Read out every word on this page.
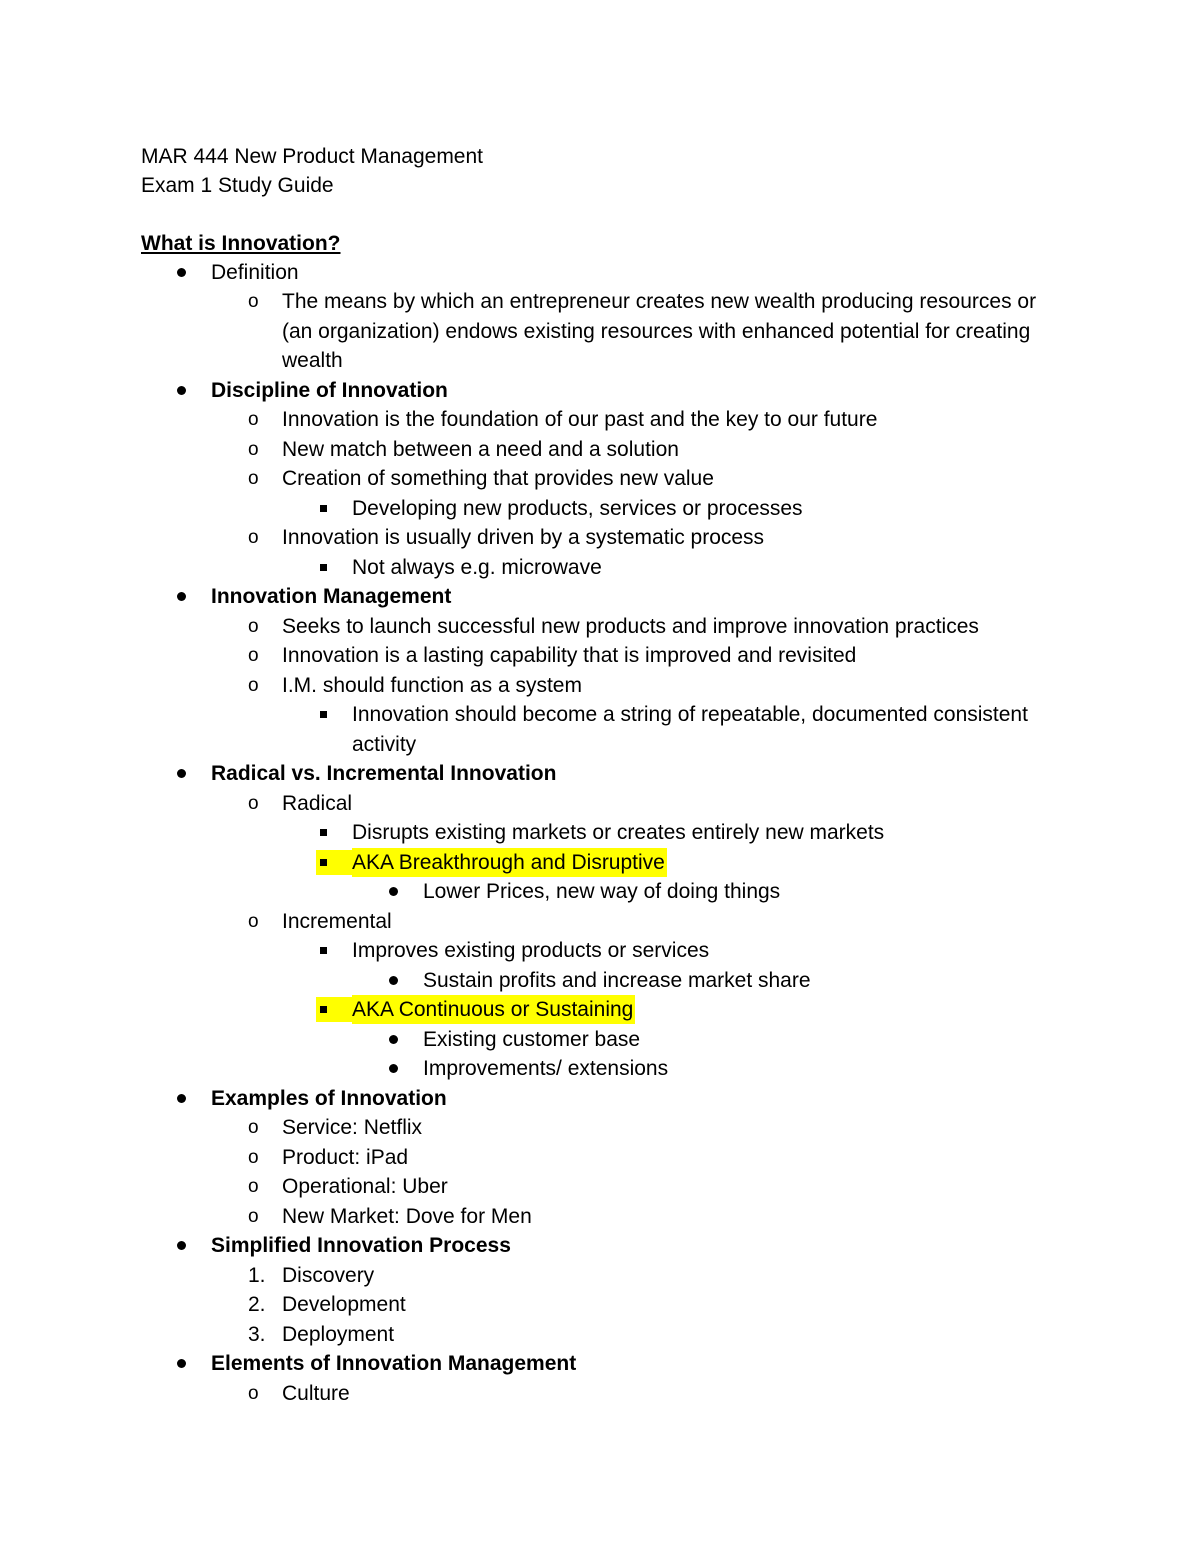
MAR 444 New Product Management
Exam 1 Study Guide
What is Innovation?
Definition
o The means by which an entrepreneur creates new wealth producing resources or
(an organization) endows existing resources with enhanced potential for creating
wealth
Discipline of Innovation
o Innovation is the foundation of our past and the key to our future
o New match between a need and a solution
o Creation of something that provides new value
Developing new products, services or processes
o Innovation is usually driven by a systematic process
Not always e.g. microwave
Innovation Management
o Seeks to launch successful new products and improve innovation practices
o Innovation is a lasting capability that is improved and revisited
o I.M. should function as a system
Innovation should become a string of repeatable, documented consistent
activity
Radical vs. Incremental Innovation
o Radical
Disrupts existing markets or creates entirely new markets
AKA Breakthrough and Disruptive
Lower Prices, new way of doing things
o Incremental
Improves existing products or services
Sustain profits and increase market share
AKA Continuous or Sustaining
Existing customer base
Improvements/ extensions
Examples of Innovation
o Service: Netflix
o Product: iPad
o Operational: Uber
o New Market: Dove for Men
Simplified Innovation Process
1. Discovery
2. Development
3. Deployment
Elements of Innovation Management
o Culture
